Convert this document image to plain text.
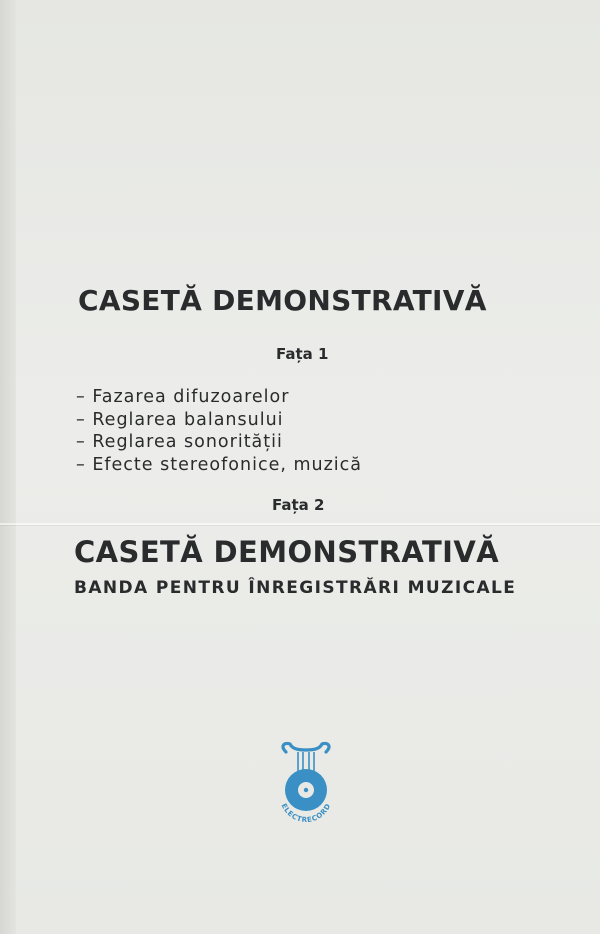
CASETĂ DEMONSTRATIVĂ
Fața 1
– Fazarea difuzoarelor
– Reglarea balansului
– Reglarea sonorității
– Efecte stereofonice, muzică
Fața 2
CASETĂ DEMONSTRATIVĂ
BANDA PENTRU ÎNREGISTRĂRI MUZICALE
ELECTRECORD
